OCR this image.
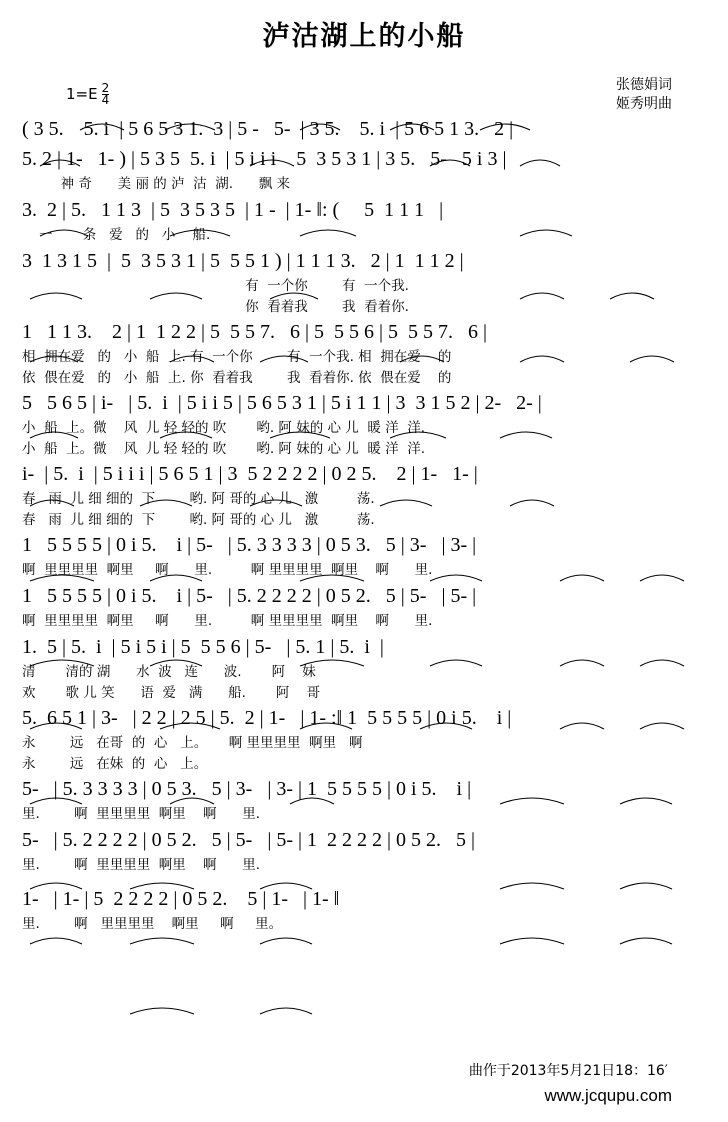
泸沽湖上的小船
$1=E \frac{2}{4}$	张德娟词
姬秀明曲
( 3 5.    5. i  | 5 6 5 3 1.  3 | 5 -   5-  | 3 5.    5. i  | 5 6 5 1 3.   2 |
5. 2 | 1-   1- ) | 5 3 5  5. i  | 5 i i i    5  3 5 3 1 | 3 5.   5-   5 i 3 |
神 奇      美 丽 的 泸  沽  湖.      飘 来
3.  2 | 5.   1 1 3  | 5  3 5 3 5  | 1 -  | 1- ‖: (     5  1 1 1   |
一       条   爱   的   小    船.
3  1 3 1 5  |  5  3 5 3 1 | 5  5 5 1 ) | 1 1 1 3.   2 | 1  1 1 2 |
有  一个你        有  一个我.
你  看着我        我  看着你.
1   1 1 3.    2 | 1  1 2 2 | 5  5 5 7.   6 | 5  5 5 6 | 5  5 5 7.   6 |
相  拥在爱   的   小  船  上. 有  一个你        有  一个我. 相  拥在爱    的
依  偎在爱   的   小  船  上. 你  看着我        我  看着你. 依  偎在爱    的
5   5 6 5 | i-   | 5.  i  | 5 i i 5 | 5 6 5 3 1 | 5 i 1 1 | 3  3 1 5 2 | 2-   2- |
小  船  上。微    风  儿 轻 轻的 吹       哟. 阿 妹的 心 儿  暖 洋  洋.
小  船  上。微    风  儿 轻 轻的 吹       哟. 阿 妹的 心 儿  暖 洋  洋.
i-  | 5.  i  | 5 i i i | 5 6 5 1 | 3  5 2 2 2 2 | 0 2 5.    2 | 1-   1- |
春   雨  儿 细 细的  下        哟. 阿 哥的 心 儿   激         荡.
春   雨  儿 细 细的  下        哟. 阿 哥的 心 儿   激         荡.
1   5 5 5 5 | 0 i 5.    i | 5-   | 5. 3 3 3 3 | 0 5 3.   5 | 3-   | 3- |
啊  里里里里  啊里     啊      里.         啊 里里里里  啊里    啊      里.
1   5 5 5 5 | 0 i 5.    i | 5-   | 5. 2 2 2 2 | 0 5 2.   5 | 5-   | 5- |
啊  里里里里  啊里     啊      里.         啊 里里里里  啊里    啊      里.
1.  5 | 5.  i  | 5 i 5 i | 5  5 5 6 | 5-   | 5. 1 | 5.  i  |
清       清的 湖      水  波   连      波.       阿    妹
欢       歌 儿 笑      语  爱   满      船.       阿    哥
5.  6 5 1 | 3-   | 2 2 | 2 5 | 5.  2 | 1-   | 1- :‖ 1  5 5 5 5 | 0 i 5.    i |
永        远   在哥  的  心   上。     啊 里里里里  啊里   啊
永        远   在妹  的  心   上。
5-   | 5. 3 3 3 3 | 0 5 3.   5 | 3-   | 3- | 1  5 5 5 5 | 0 i 5.    i |
里.        啊  里里里里  啊里    啊      里.
5-   | 5. 2 2 2 2 | 0 5 2.   5 | 5-   | 5- | 1  2 2 2 2 | 0 5 2.   5 |
里.        啊  里里里里  啊里    啊      里.
1-   | 1- | 5  2 2 2 2 | 0 5 2.    5 | 1-   | 1- ‖
里.        啊   里里里里    啊里     啊     里。
曲作于2013年5月21日18：16′
www.jcqupu.com
